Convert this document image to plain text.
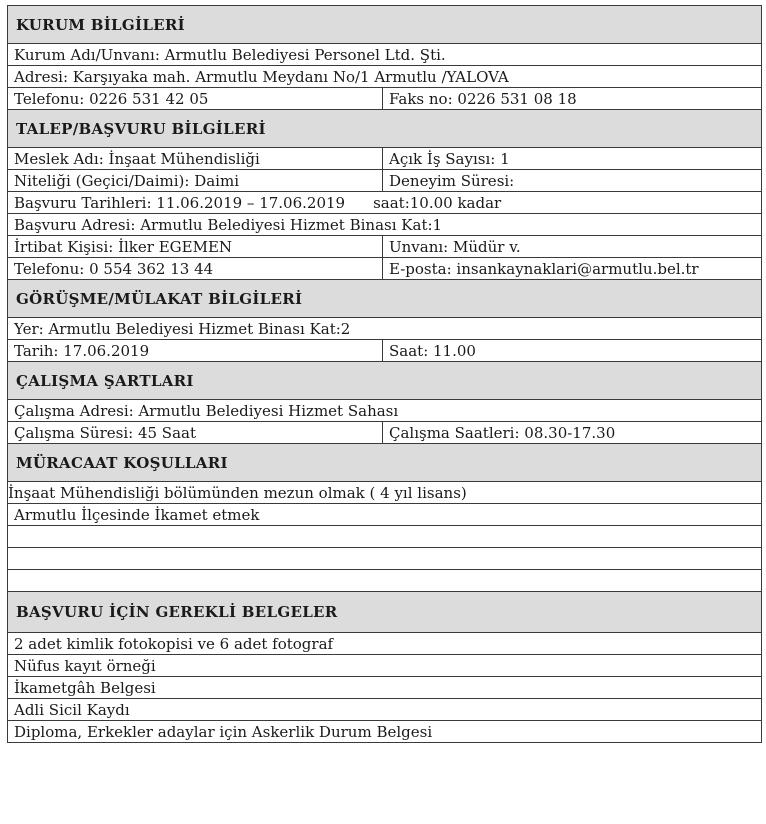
KURUM BİLGİLERİ	
Kurum Adı/Unvanı: Armutlu Belediyesi Personel Ltd. Şti.	
Adresi: Karşıyaka mah. Armutlu Meydanı No/1 Armutlu /YALOVA	
Telefonu: 0226 531 42 05	Faks no: 0226 531 08 18
TALEP/BAŞVURU BİLGİLERİ	
Meslek Adı: İnşaat Mühendisliği	Açık İş Sayısı: 1
Niteliği (Geçici/Daimi): Daimi	Deneyim Süresi:
Başvuru Tarihleri: 11.06.2019 – 17.06.2019 saat:10.00 kadar	
Başvuru Adresi: Armutlu Belediyesi Hizmet Binası Kat:1	
İrtibat Kişisi: İlker EGEMEN	Unvanı: Müdür v.
Telefonu: 0 554 362 13 44	E-posta: insankaynaklari@armutlu.bel.tr
GÖRÜŞME/MÜLAKAT BİLGİLERİ	
Yer: Armutlu Belediyesi Hizmet Binası Kat:2	
Tarih: 17.06.2019	Saat: 11.00
ÇALIŞMA ŞARTLARI	
Çalışma Adresi: Armutlu Belediyesi Hizmet Sahası	
Çalışma Süresi: 45 Saat	Çalışma Saatleri: 08.30-17.30
MÜRACAAT KOŞULLARI	
İnşaat Mühendisliği bölümünden mezun olmak ( 4 yıl lisans)	
Armutlu İlçesinde İkamet etmek	

BAŞVURU İÇİN GEREKLİ BELGELER	
2 adet kimlik fotokopisi ve 6 adet fotograf	
Nüfus kayıt örneği	
İkametgâh Belgesi	
Adli Sicil Kaydı	
Diploma, Erkekler adaylar için Askerlik Durum Belgesi	
